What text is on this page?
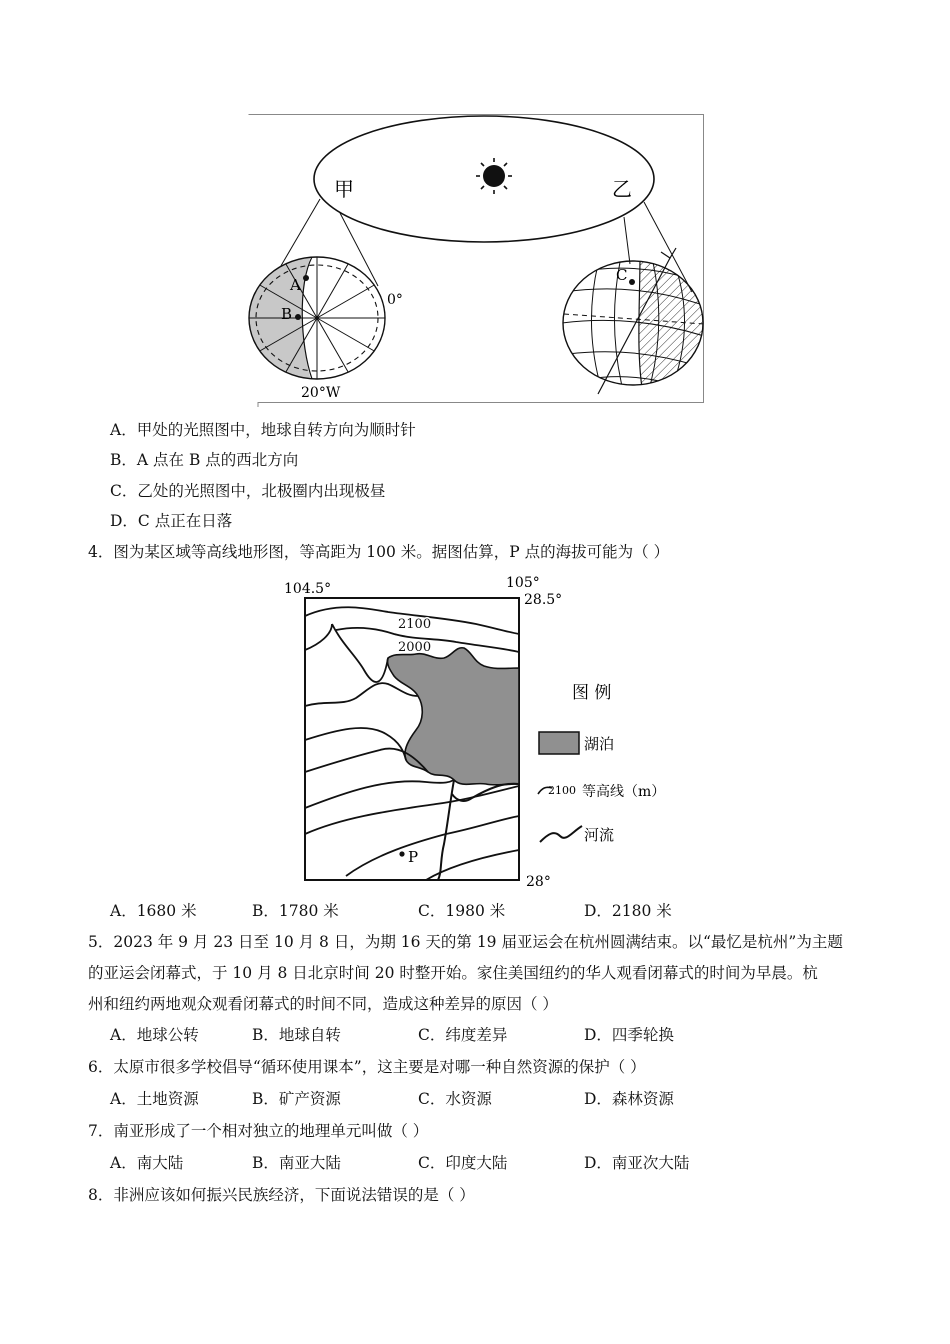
甲	乙
A
B
0°
20°W
C
A．甲处的光照图中，地球自转方向为顺时针
B．A 点在 B 点的西北方向
C．乙处的光照图中，北极圈内出现极昼
D．C 点正在日落
4．图为某区域等高线地形图，等高距为 100 米。据图估算，P 点的海拔可能为（ ）
104.5°	105°
28.5°
28°
2100
2000
P
图 例
湖泊
2100 等高线（m）
河流
A．1680 米	B．1780 米	C．1980 米	D．2180 米
5．2023 年 9 月 23 日至 10 月 8 日，为期 16 天的第 19 届亚运会在杭州圆满结束。以“最忆是杭州”为主题
的亚运会闭幕式，于 10 月 8 日北京时间 20 时整开始。家住美国纽约的华人观看闭幕式的时间为早晨。杭
州和纽约两地观众观看闭幕式的时间不同，造成这种差异的原因（ ）
A．地球公转	B．地球自转	C．纬度差异	D．四季轮换
6．太原市很多学校倡导“循环使用课本”，这主要是对哪一种自然资源的保护（ ）
A．土地资源	B．矿产资源	C．水资源	D．森林资源
7．南亚形成了一个相对独立的地理单元叫做（ ）
A．南大陆	B．南亚大陆	C．印度大陆	D．南亚次大陆
8．非洲应该如何振兴民族经济，下面说法错误的是（ ）
